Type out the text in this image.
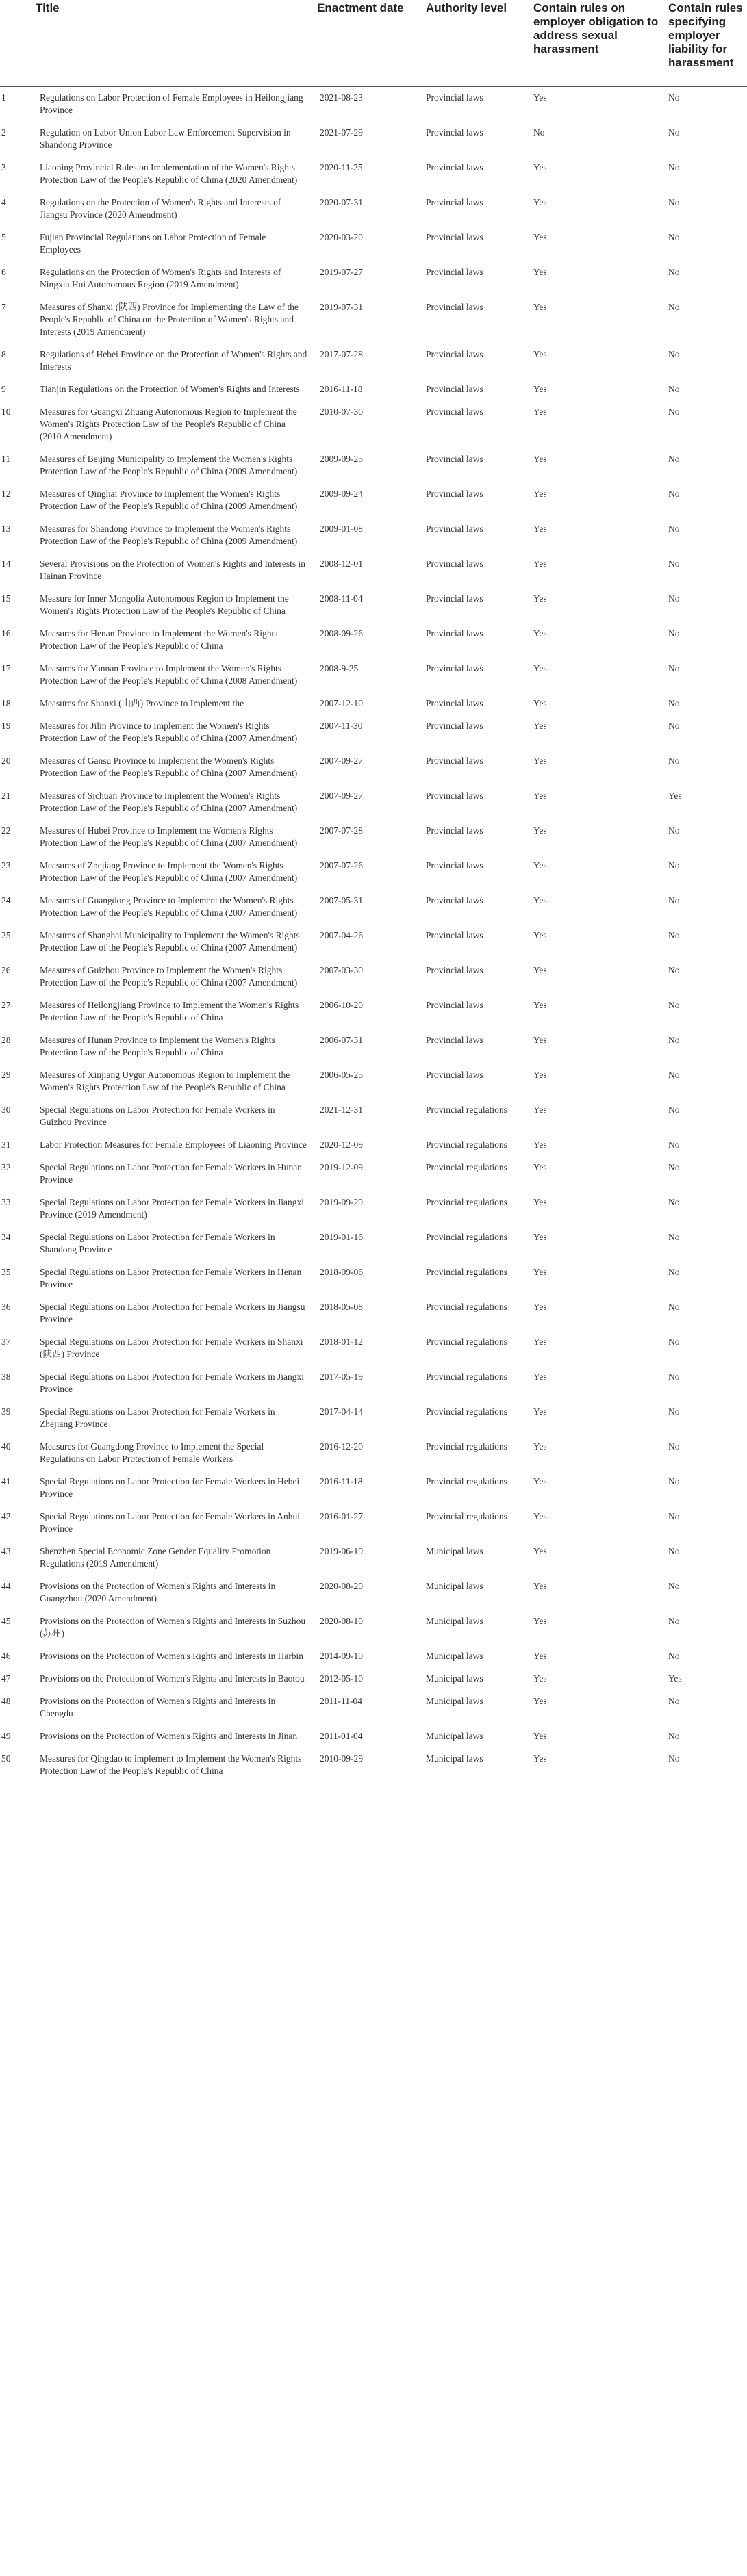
Title		Enactment date	Authority level	Contain rules on employer obligation to address sexual harassment	Contain rules specifying employer liability for harassment
1	Regulations on Labor Protection of Female Employees in Heilongjiang Province	2021-08-23	Provincial laws	Yes	No
2	Regulation on Labor Union Labor Law Enforcement Supervision in Shandong Province	2021-07-29	Provincial laws	No	No
3	Liaoning Provincial Rules on Implementation of the Women's Rights Protection Law of the People's Republic of China (2020 Amendment)	2020-11-25	Provincial laws	Yes	No
4	Regulations on the Protection of Women's Rights and Interests of Jiangsu Province (2020 Amendment)	2020-07-31	Provincial laws	Yes	No
5	Fujian Provincial Regulations on Labor Protection of Female Employees	2020-03-20	Provincial laws	Yes	No
6	Regulations on the Protection of Women's Rights and Interests of Ningxia Hui Autonomous Region (2019 Amendment)	2019-07-27	Provincial laws	Yes	No
7	Measures of Shanxi (陕西) Province for Implementing the Law of the People's Republic of China on the Protection of Women's Rights and Interests (2019 Amendment)	2019-07-31	Provincial laws	Yes	No
8	Regulations of Hebei Province on the Protection of Women's Rights and Interests	2017-07-28	Provincial laws	Yes	No
9	Tianjin Regulations on the Protection of Women's Rights and Interests	2016-11-18	Provincial laws	Yes	No
10	Measures for Guangxi Zhuang Autonomous Region to Implement the Women's Rights Protection Law of the People's Republic of China (2010 Amendment)	2010-07-30	Provincial laws	Yes	No
11	Measures of Beijing Municipality to Implement the Women's Rights Protection Law of the People's Republic of China (2009 Amendment)	2009-09-25	Provincial laws	Yes	No
12	Measures of Qinghai Province to Implement the Women's Rights Protection Law of the People's Republic of China (2009 Amendment)	2009-09-24	Provincial laws	Yes	No
13	Measures for Shandong Province to Implement the Women's Rights Protection Law of the People's Republic of China (2009 Amendment)	2009-01-08	Provincial laws	Yes	No
14	Several Provisions on the Protection of Women's Rights and Interests in Hainan Province	2008-12-01	Provincial laws	Yes	No
15	Measure for Inner Mongolia Autonomous Region to Implement the Women's Rights Protection Law of the People's Republic of China	2008-11-04	Provincial laws	Yes	No
16	Measures for Henan Province to Implement the Women's Rights Protection Law of the People's Republic of China	2008-09-26	Provincial laws	Yes	No
17	Measures for Yunnan Province to Implement the Women's Rights Protection Law of the People's Republic of China (2008 Amendment)	2008-9-25	Provincial laws	Yes	No
18	Measures for Shanxi (山西) Province to Implement the	2007-12-10	Provincial laws	Yes	No
19	Measures for Jilin Province to Implement the Women's Rights Protection Law of the People's Republic of China (2007 Amendment)	2007-11-30	Provincial laws	Yes	No
20	Measures of Gansu Province to Implement the Women's Rights Protection Law of the People's Republic of China (2007 Amendment)	2007-09-27	Provincial laws	Yes	No
21	Measures of Sichuan Province to Implement the Women's Rights Protection Law of the People's Republic of China (2007 Amendment)	2007-09-27	Provincial laws	Yes	Yes
22	Measures of Hubei Province to Implement the Women's Rights Protection Law of the People's Republic of China (2007 Amendment)	2007-07-28	Provincial laws	Yes	No
23	Measures of Zhejiang Province to Implement the Women's Rights Protection Law of the People's Republic of China (2007 Amendment)	2007-07-26	Provincial laws	Yes	No
24	Measures of Guangdong Province to Implement the Women's Rights Protection Law of the People's Republic of China (2007 Amendment)	2007-05-31	Provincial laws	Yes	No
25	Measures of Shanghai Municipality to Implement the Women's Rights Protection Law of the People's Republic of China (2007 Amendment)	2007-04-26	Provincial laws	Yes	No
26	Measures of Guizhou Province to Implement the Women's Rights Protection Law of the People's Republic of China (2007 Amendment)	2007-03-30	Provincial laws	Yes	No
27	Measures of Heilongjiang Province to Implement the Women's Rights Protection Law of the People's Republic of China	2006-10-20	Provincial laws	Yes	No
28	Measures of Hunan Province to Implement the Women's Rights Protection Law of the People's Republic of China	2006-07-31	Provincial laws	Yes	No
29	Measures of Xinjiang Uygur Autonomous Region to Implement the Women's Rights Protection Law of the People's Republic of China	2006-05-25	Provincial laws	Yes	No
30	Special Regulations on Labor Protection for Female Workers in Guizhou Province	2021-12-31	Provincial regulations	Yes	No
31	Labor Protection Measures for Female Employees of Liaoning Province	2020-12-09	Provincial regulations	Yes	No
32	Special Regulations on Labor Protection for Female Workers in Hunan Province	2019-12-09	Provincial regulations	Yes	No
33	Special Regulations on Labor Protection for Female Workers in Jiangxi Province (2019 Amendment)	2019-09-29	Provincial regulations	Yes	No
34	Special Regulations on Labor Protection for Female Workers in Shandong Province	2019-01-16	Provincial regulations	Yes	No
35	Special Regulations on Labor Protection for Female Workers in Henan Province	2018-09-06	Provincial regulations	Yes	No
36	Special Regulations on Labor Protection for Female Workers in Jiangsu Province	2018-05-08	Provincial regulations	Yes	No
37	Special Regulations on Labor Protection for Female Workers in Shanxi (陕西) Province	2018-01-12	Provincial regulations	Yes	No
38	Special Regulations on Labor Protection for Female Workers in Jiangxi Province	2017-05-19	Provincial regulations	Yes	No
39	Special Regulations on Labor Protection for Female Workers in Zhejiang Province	2017-04-14	Provincial regulations	Yes	No
40	Measures for Guangdong Province to Implement the Special Regulations on Labor Protection of Female Workers	2016-12-20	Provincial regulations	Yes	No
41	Special Regulations on Labor Protection for Female Workers in Hebei Province	2016-11-18	Provincial regulations	Yes	No
42	Special Regulations on Labor Protection for Female Workers in Anhui Province	2016-01-27	Provincial regulations	Yes	No
43	Shenzhen Special Economic Zone Gender Equality Promotion Regulations (2019 Amendment)	2019-06-19	Municipal laws	Yes	No
44	Provisions on the Protection of Women's Rights and Interests in Guangzhou (2020 Amendment)	2020-08-20	Municipal laws	Yes	No
45	Provisions on the Protection of Women's Rights and Interests in Suzhou (苏州)	2020-08-10	Municipal laws	Yes	No
46	Provisions on the Protection of Women's Rights and Interests in Harbin	2014-09-10	Municipal laws	Yes	No
47	Provisions on the Protection of Women's Rights and Interests in Baotou	2012-05-10	Municipal laws	Yes	Yes
48	Provisions on the Protection of Women's Rights and Interests in Chengdu	2011-11-04	Municipal laws	Yes	No
49	Provisions on the Protection of Women's Rights and Interests in Jinan	2011-01-04	Municipal laws	Yes	No
50	Measures for Qingdao to implement to Implement the Women's Rights Protection Law of the People's Republic of China	2010-09-29	Municipal laws	Yes	No
